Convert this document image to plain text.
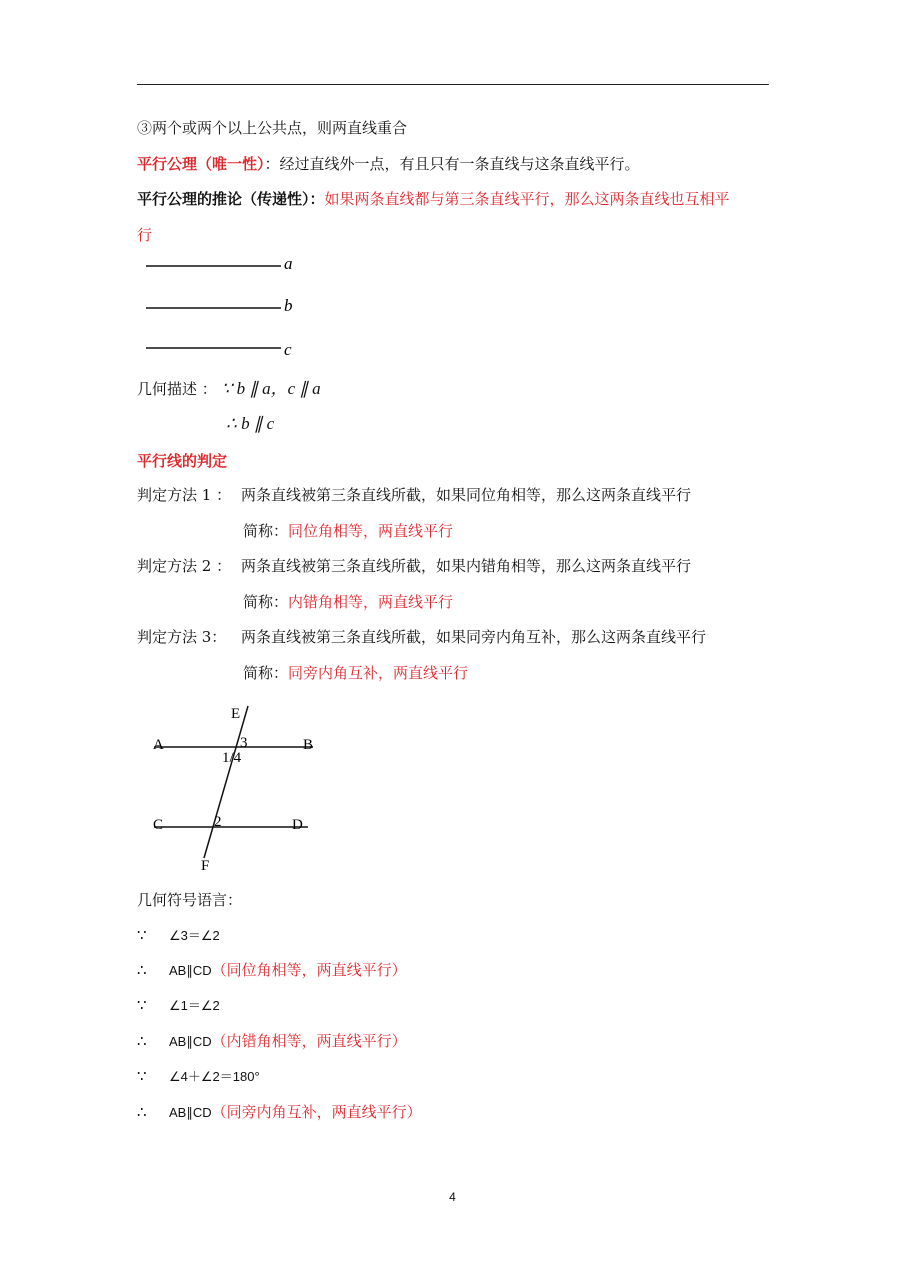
③两个或两个以上公共点，则两直线重合
平行公理（唯一性）：经过直线外一点，有且只有一条直线与这条直线平行。
平行公理的推论（传递性）：如果两条直线都与第三条直线平行，那么这两条直线也互相平
行
a
b
c
几何描述 ： ∵ b ∥ a，c ∥ a
∴ b ∥ c
平行线的判定
判定方法 1 ： 两条直线被第三条直线所截，如果同位角相等，那么这两条直线平行
简称：同位角相等，两直线平行
判定方法 2 ： 两条直线被第三条直线所截，如果内错角相等，那么这两条直线平行
简称：内错角相等，两直线平行
判定方法 3： 两条直线被第三条直线所截，如果同旁内角互补，那么这两条直线平行
简称：同旁内角互补，两直线平行
E
F
A	B
C	D
3
1/4
2
几何符号语言：
∵ ∠3＝∠2
∴ AB∥CD（同位角相等，两直线平行）
∵ ∠1＝∠2
∴ AB∥CD（内错角相等，两直线平行）
∵ ∠4＋∠2＝180°
∴ AB∥CD（同旁内角互补，两直线平行）
4
